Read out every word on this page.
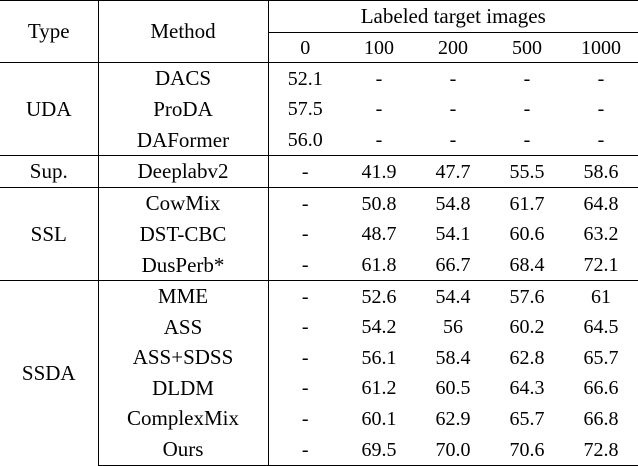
Type	Method	Labeled target images				
		0	100	200	500	1000
UDA	DACS	52.1	-	-	-	-
	ProDA	57.5	-	-	-	-
	DAFormer	56.0	-	-	-	-
Sup.	Deeplabv2	-	41.9	47.7	55.5	58.6
SSL	CowMix	-	50.8	54.8	61.7	64.8
	DST-CBC	-	48.7	54.1	60.6	63.2
	DusPerb*	-	61.8	66.7	68.4	72.1
SSDA	MME	-	52.6	54.4	57.6	61
	ASS	-	54.2	56	60.2	64.5
	ASS+SDSS	-	56.1	58.4	62.8	65.7
	DLDM	-	61.2	60.5	64.3	66.6
	ComplexMix	-	60.1	62.9	65.7	66.8
	Ours	-	69.5	70.0	70.6	72.8
